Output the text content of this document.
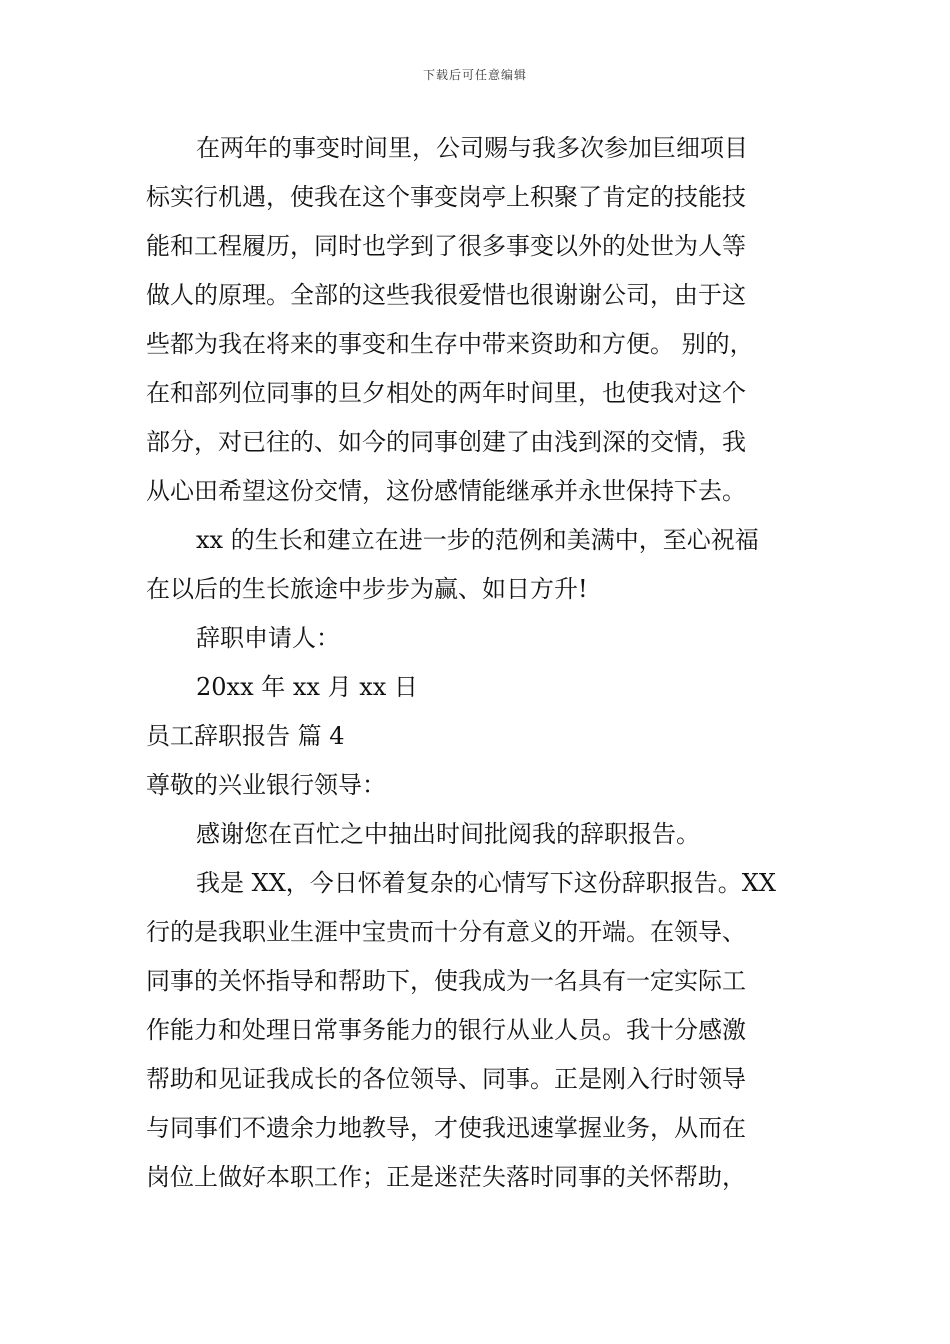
下载后可任意编辑
在两年的事变时间里，公司赐与我多次参加巨细项目
标实行机遇，使我在这个事变岗亭上积聚了肯定的技能技
能和工程履历，同时也学到了很多事变以外的处世为人等
做人的原理。全部的这些我很爱惜也很谢谢公司，由于这
些都为我在将来的事变和生存中带来资助和方便。 别的，
在和部列位同事的旦夕相处的两年时间里，也使我对这个
部分，对已往的、如今的同事创建了由浅到深的交情，我
从心田希望这份交情，这份感情能继承并永世保持下去。
xx 的生长和建立在进一步的范例和美满中，至心祝福
在以后的生长旅途中步步为赢、如日方升!
辞职申请人：
20xx 年 xx 月 xx 日
员工辞职报告 篇 4
尊敬的兴业银行领导：
感谢您在百忙之中抽出时间批阅我的辞职报告。
我是 XX，今日怀着复杂的心情写下这份辞职报告。XX
行的是我职业生涯中宝贵而十分有意义的开端。在领导、
同事的关怀指导和帮助下，使我成为一名具有一定实际工
作能力和处理日常事务能力的银行从业人员。我十分感激
帮助和见证我成长的各位领导、同事。正是刚入行时领导
与同事们不遗余力地教导，才使我迅速掌握业务，从而在
岗位上做好本职工作；正是迷茫失落时同事的关怀帮助，
